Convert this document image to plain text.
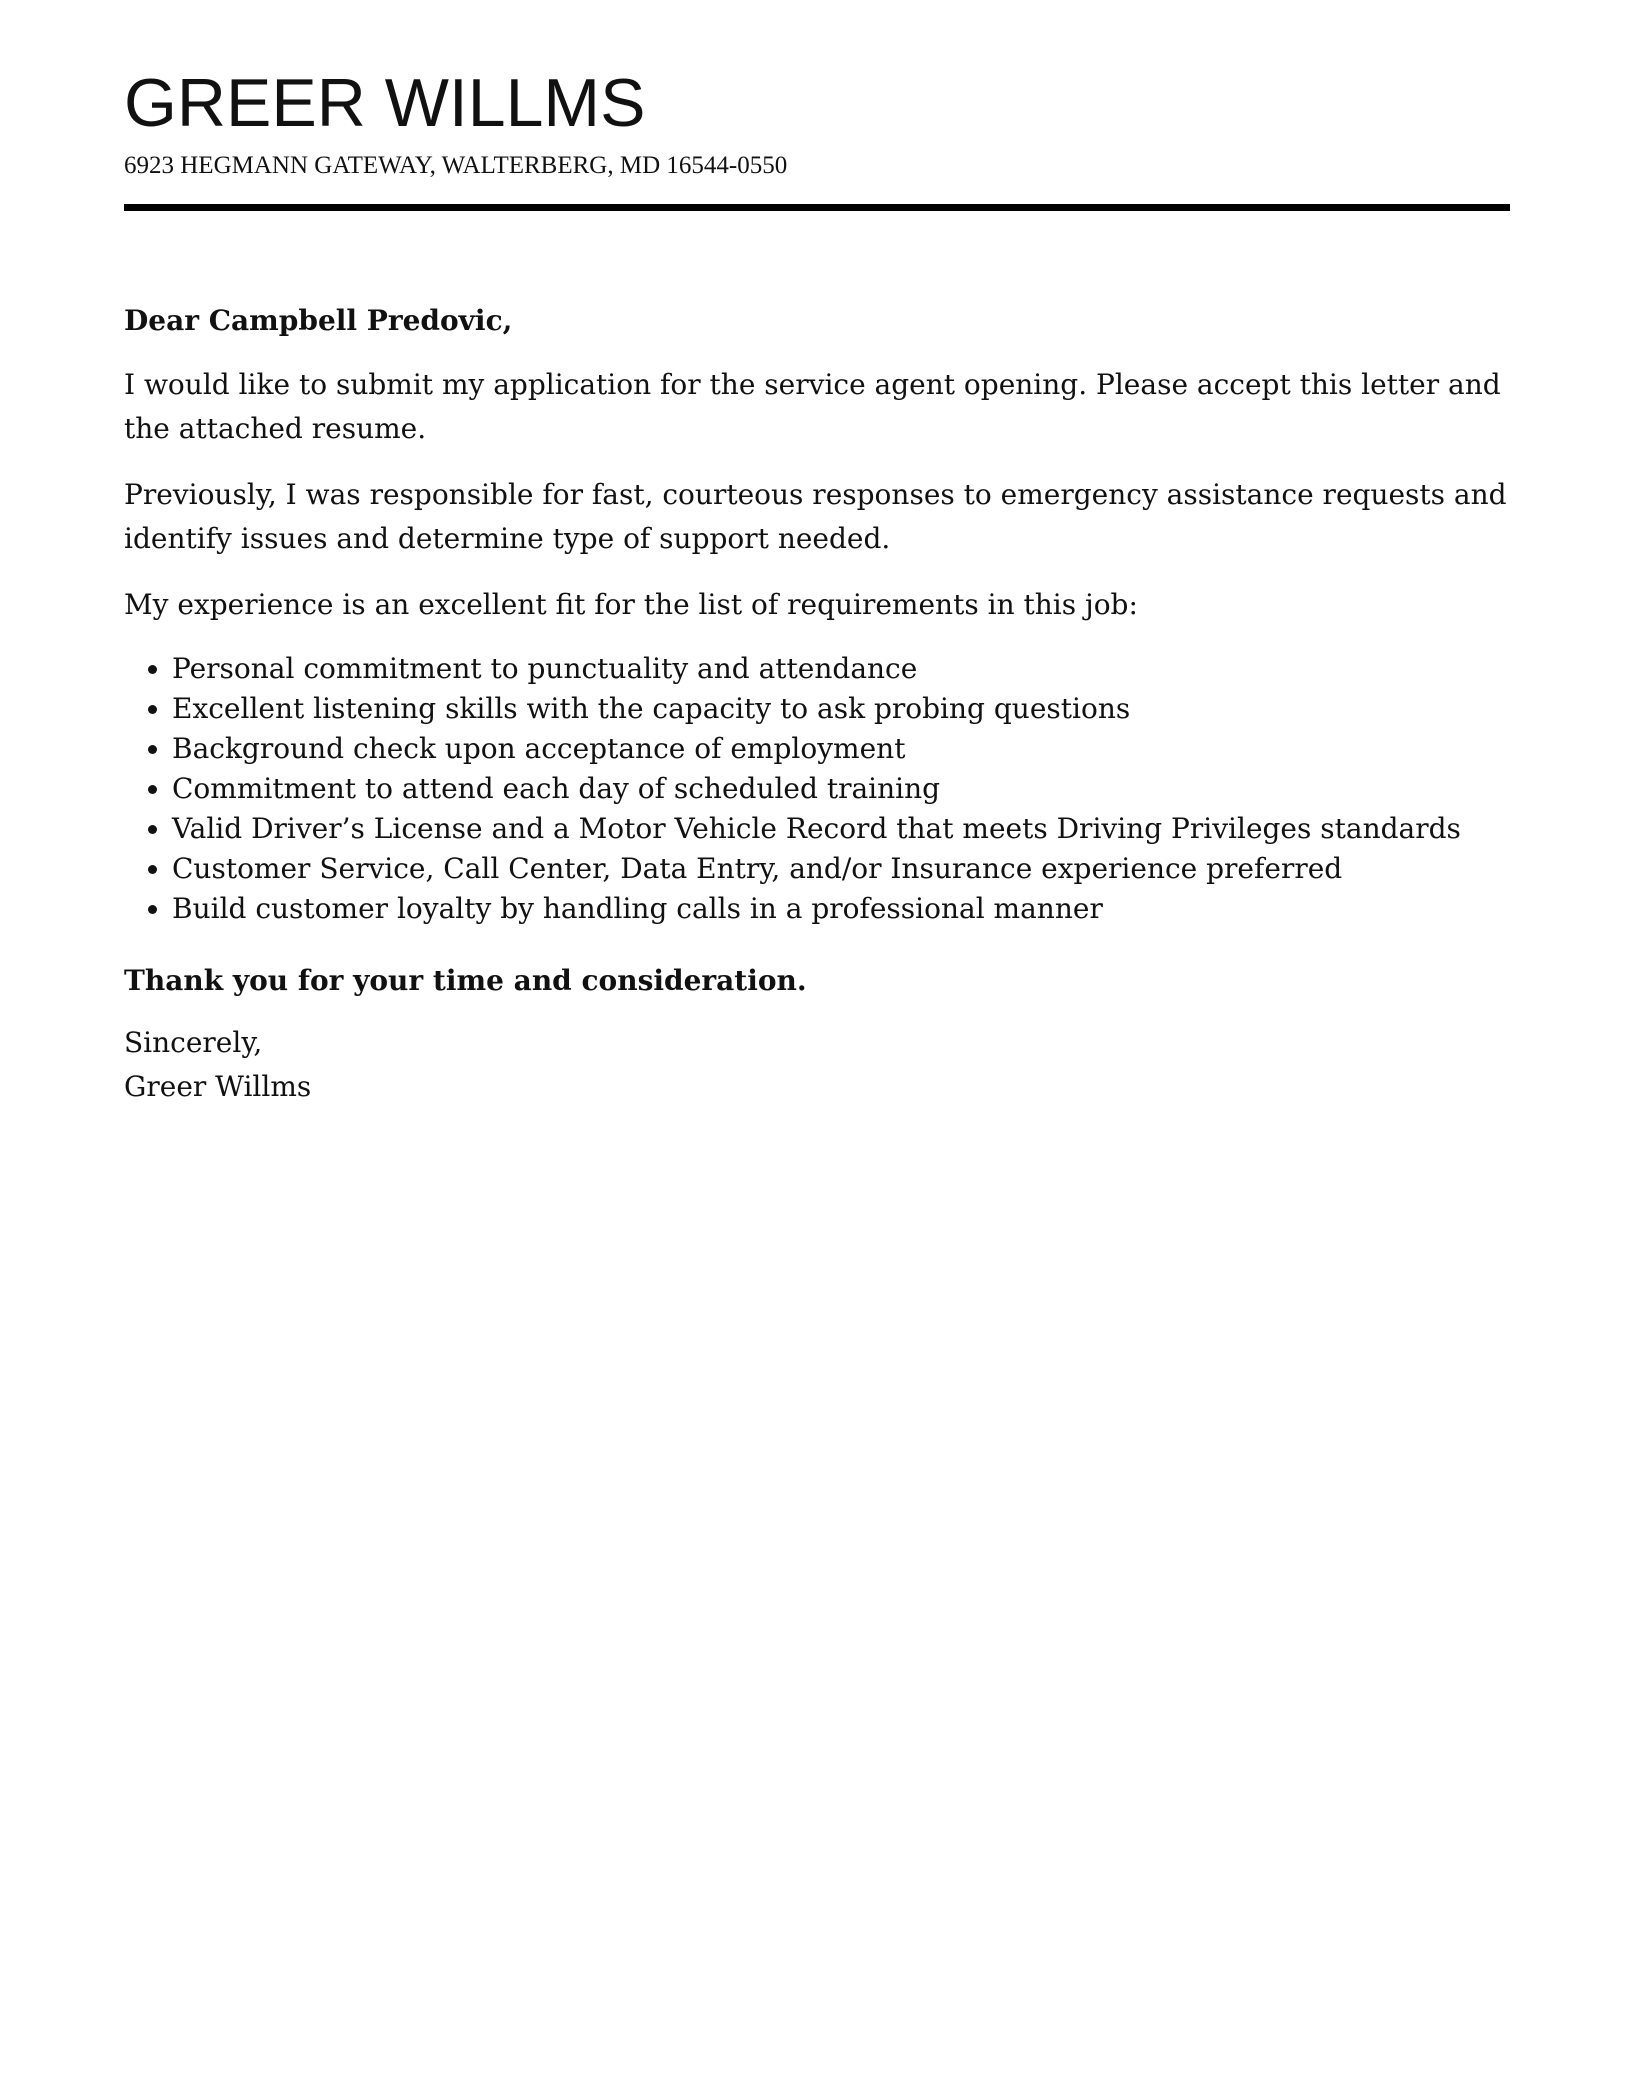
GREER WILLMS
6923 HEGMANN GATEWAY, WALTERBERG, MD 16544-0550

Dear Campbell Predovic,

I would like to submit my application for the service agent opening. Please accept this letter and the attached resume.

Previously, I was responsible for fast, courteous responses to emergency assistance requests and identify issues and determine type of support needed.

My experience is an excellent fit for the list of requirements in this job:

• Personal commitment to punctuality and attendance
• Excellent listening skills with the capacity to ask probing questions
• Background check upon acceptance of employment
• Commitment to attend each day of scheduled training
• Valid Driver’s License and a Motor Vehicle Record that meets Driving Privileges standards
• Customer Service, Call Center, Data Entry, and/or Insurance experience preferred
• Build customer loyalty by handling calls in a professional manner

Thank you for your time and consideration.

Sincerely,
Greer Willms
